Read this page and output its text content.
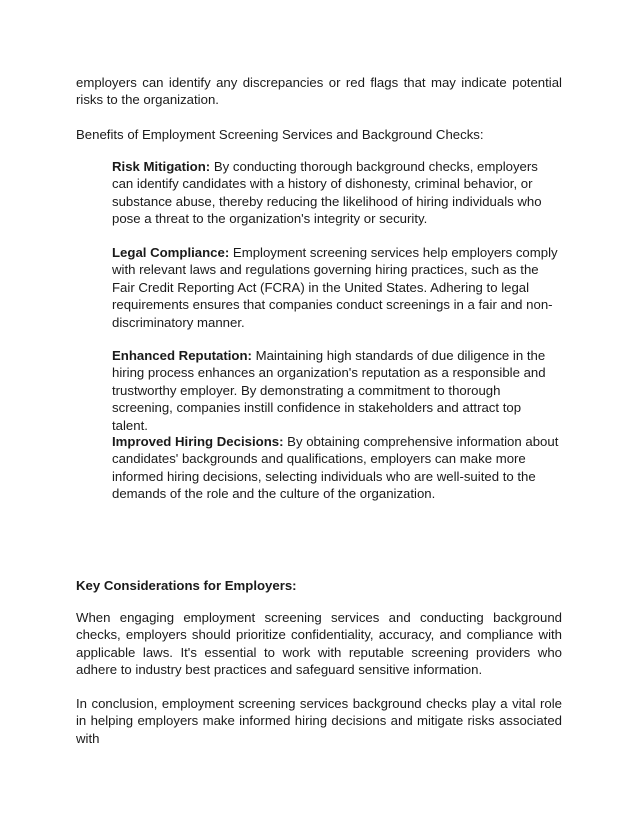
employers can identify any discrepancies or red flags that may indicate potential risks to the organization.

Benefits of Employment Screening Services and Background Checks:

Risk Mitigation: By conducting thorough background checks, employers can identify candidates with a history of dishonesty, criminal behavior, or substance abuse, thereby reducing the likelihood of hiring individuals who pose a threat to the organization's integrity or security.

Legal Compliance: Employment screening services help employers comply with relevant laws and regulations governing hiring practices, such as the Fair Credit Reporting Act (FCRA) in the United States. Adhering to legal requirements ensures that companies conduct screenings in a fair and non-discriminatory manner.

Enhanced Reputation: Maintaining high standards of due diligence in the hiring process enhances an organization's reputation as a responsible and trustworthy employer. By demonstrating a commitment to thorough screening, companies instill confidence in stakeholders and attract top talent.

Improved Hiring Decisions: By obtaining comprehensive information about candidates' backgrounds and qualifications, employers can make more informed hiring decisions, selecting individuals who are well-suited to the demands of the role and the culture of the organization.

Key Considerations for Employers:

When engaging employment screening services and conducting background checks, employers should prioritize confidentiality, accuracy, and compliance with applicable laws. It's essential to work with reputable screening providers who adhere to industry best practices and safeguard sensitive information.

In conclusion, employment screening services background checks play a vital role in helping employers make informed hiring decisions and mitigate risks associated with
